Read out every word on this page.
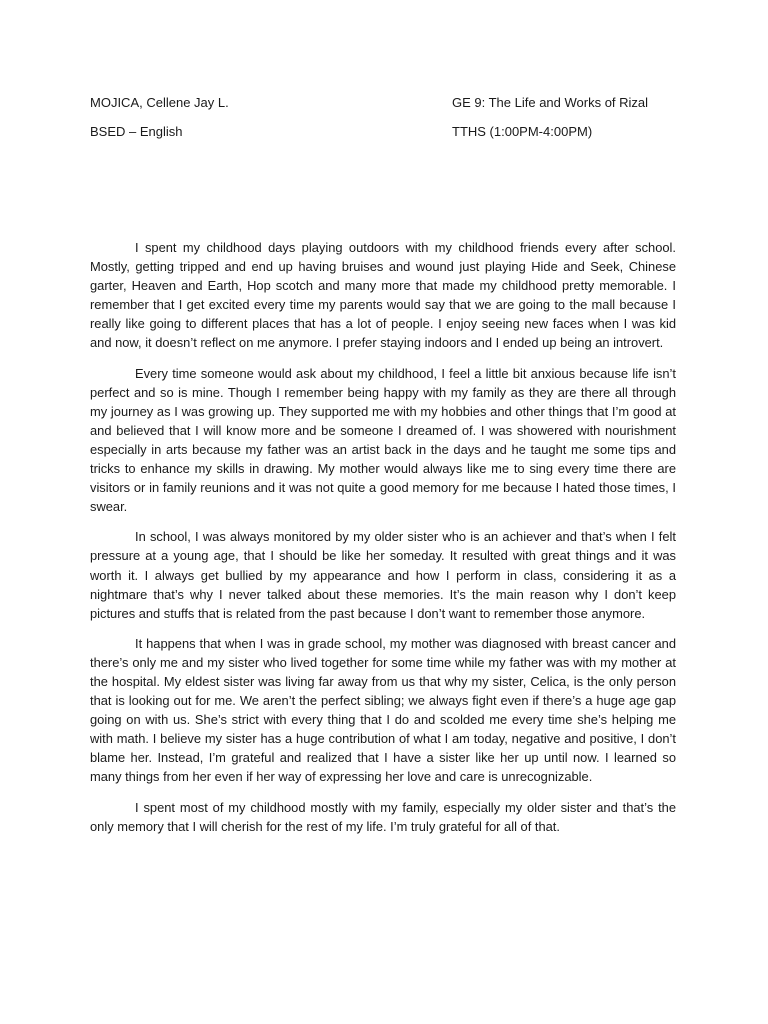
MOJICA, Cellene Jay L.	GE 9: The Life and Works of Rizal
BSED – English	TTHS (1:00PM-4:00PM)

I spent my childhood days playing outdoors with my childhood friends every after school. Mostly, getting tripped and end up having bruises and wound just playing Hide and Seek, Chinese garter, Heaven and Earth, Hop scotch and many more that made my childhood pretty memorable. I remember that I get excited every time my parents would say that we are going to the mall because I really like going to different places that has a lot of people. I enjoy seeing new faces when I was kid and now, it doesn’t reflect on me anymore. I prefer staying indoors and I ended up being an introvert.

Every time someone would ask about my childhood, I feel a little bit anxious because life isn’t perfect and so is mine. Though I remember being happy with my family as they are there all through my journey as I was growing up. They supported me with my hobbies and other things that I’m good at and believed that I will know more and be someone I dreamed of. I was showered with nourishment especially in arts because my father was an artist back in the days and he taught me some tips and tricks to enhance my skills in drawing. My mother would always like me to sing every time there are visitors or in family reunions and it was not quite a good memory for me because I hated those times, I swear.

In school, I was always monitored by my older sister who is an achiever and that’s when I felt pressure at a young age, that I should be like her someday. It resulted with great things and it was worth it. I always get bullied by my appearance and how I perform in class, considering it as a nightmare that’s why I never talked about these memories. It’s the main reason why I don’t keep pictures and stuffs that is related from the past because I don’t want to remember those anymore.

It happens that when I was in grade school, my mother was diagnosed with breast cancer and there’s only me and my sister who lived together for some time while my father was with my mother at the hospital. My eldest sister was living far away from us that why my sister, Celica, is the only person that is looking out for me. We aren’t the perfect sibling; we always fight even if there’s a huge age gap going on with us. She’s strict with every thing that I do and scolded me every time she’s helping me with math. I believe my sister has a huge contribution of what I am today, negative and positive, I don’t blame her. Instead, I’m grateful and realized that I have a sister like her up until now. I learned so many things from her even if her way of expressing her love and care is unrecognizable.

I spent most of my childhood mostly with my family, especially my older sister and that’s the only memory that I will cherish for the rest of my life. I’m truly grateful for all of that.
